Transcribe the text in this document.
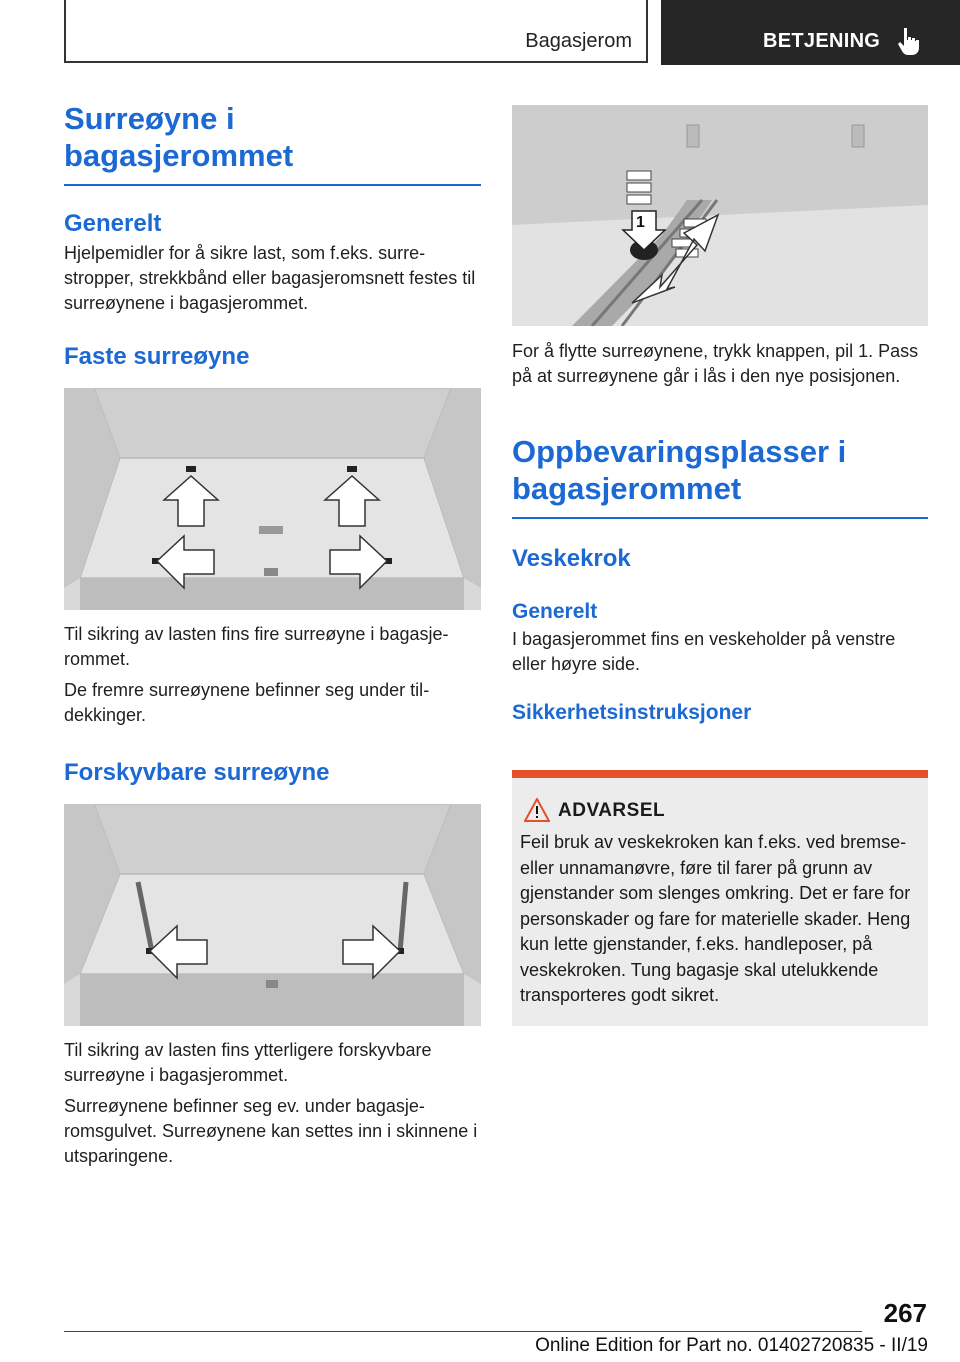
Bagasjerom	BETJENING
Surreøyne i bagasjerommet
Generelt

Hjelpemidler for å sikre last, som f.eks. surrestropper, strekkbånd eller bagasjeromsnett festes til surreøynene i bagasjerommet.

Faste surreøyne

Til sikring av lasten fins fire surreøyne i bagasjerommet.

De fremre surreøynene befinner seg under tildekkinger.

Forskyvbare surreøyne

Til sikring av lasten fins ytterligere forskyvbare surreøyne i bagasjerommet.

Surreøynene befinner seg ev. under bagasjeromsgulvet. Surreøynene kan settes inn i skinnene i utsparingene.

1

For å flytte surreøynene, trykk knappen, pil 1. Pass på at surreøynene går i lås i den nye posisjonen.

Oppbevaringsplasser i bagasjerommet
Veskekrok
Generelt

I bagasjerommet fins en veskeholder på venstre eller høyre side.

Sikkerhetsinstruksjoner
ADVARSEL
Feil bruk av veskekroken kan f.eks. ved bremse- eller unnamanøvre, føre til farer på grunn av gjenstander som slenges omkring. Det er fare for personskader og fare for materielle skader. Heng kun lette gjenstander, f.eks. handleposer, på veskekroken. Tung bagasje skal utelukkende transporteres godt sikret.
267
Online Edition for Part no. 01402720835 - II/19
